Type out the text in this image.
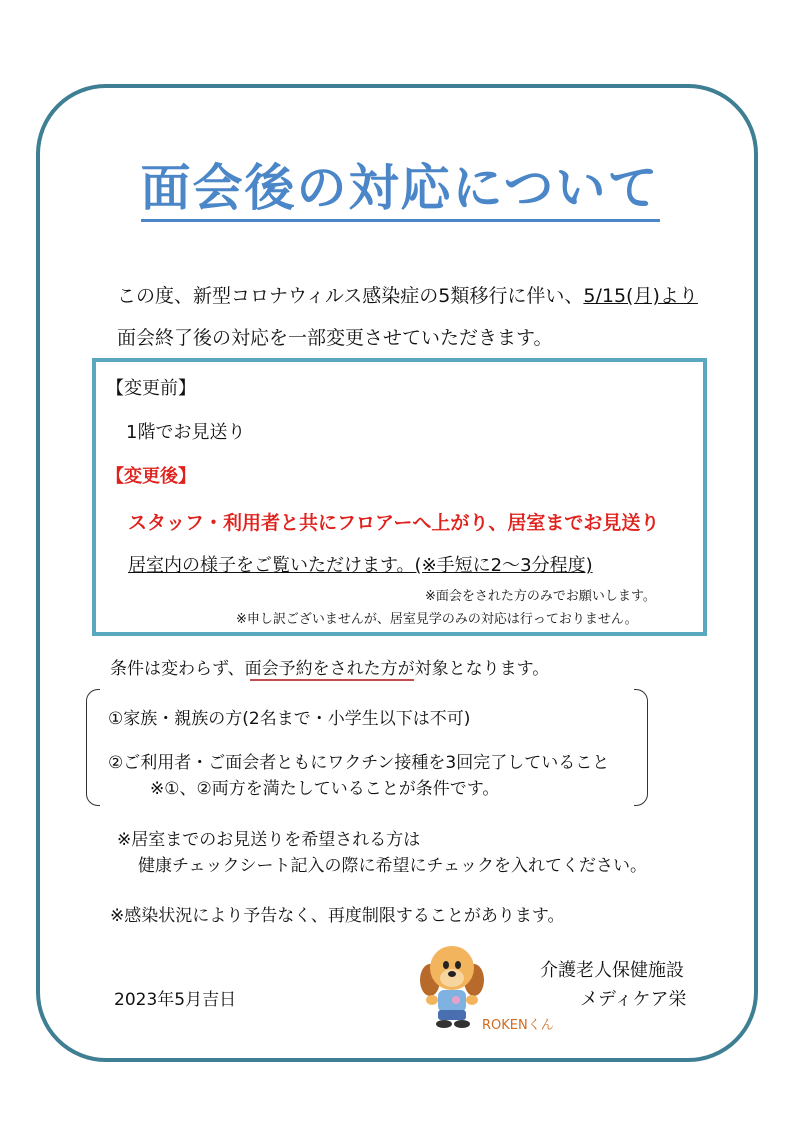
面会後の対応について
この度、新型コロナウィルス感染症の5類移行に伴い、5/15(月)より
面会終了後の対応を一部変更させていただきます。
【変更前】
1階でお見送り
【変更後】
スタッフ・利用者と共にフロアーへ上がり、居室までお見送り
居室内の様子をご覧いただけます。(※手短に2～3分程度)
※面会をされた方のみでお願いします。
※申し訳ございませんが、居室見学のみの対応は行っておりません。
条件は変わらず、面会予約をされた方が対象となります。
①家族・親族の方(2名まで・小学生以下は不可)
②ご利用者・ご面会者ともにワクチン接種を3回完了していること
※①、②両方を満たしていることが条件です。
※居室までのお見送りを希望される方は
健康チェックシート記入の際に希望にチェックを入れてください。
※感染状況により予告なく、再度制限することがあります。
2023年5月吉日
ROKENくん
介護老人保健施設
メディケア栄
